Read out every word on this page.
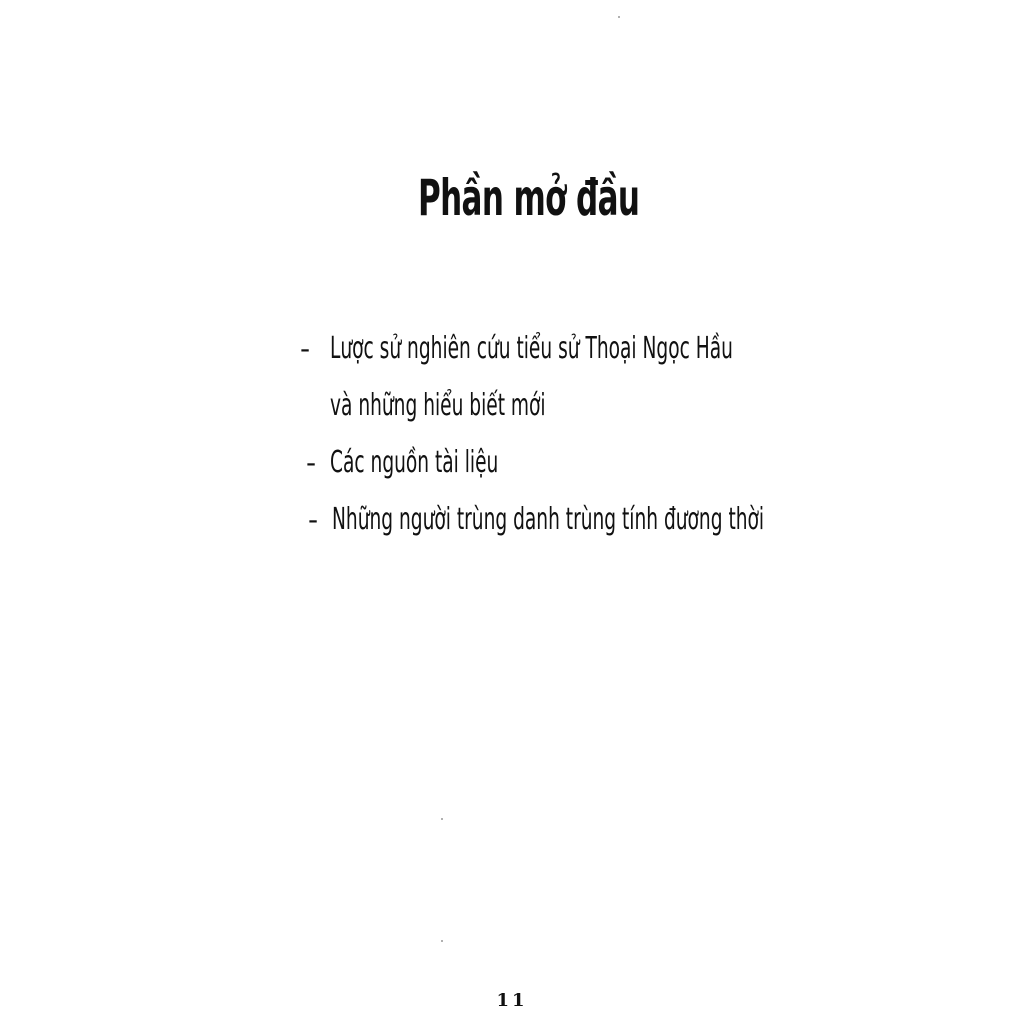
Phần mở đầu
- Lược sử nghiên cứu tiểu sử Thoại Ngọc Hầu
và những hiểu biết mới
- Các nguồn tài liệu
- Những người trùng danh trùng tính đương thời
11
